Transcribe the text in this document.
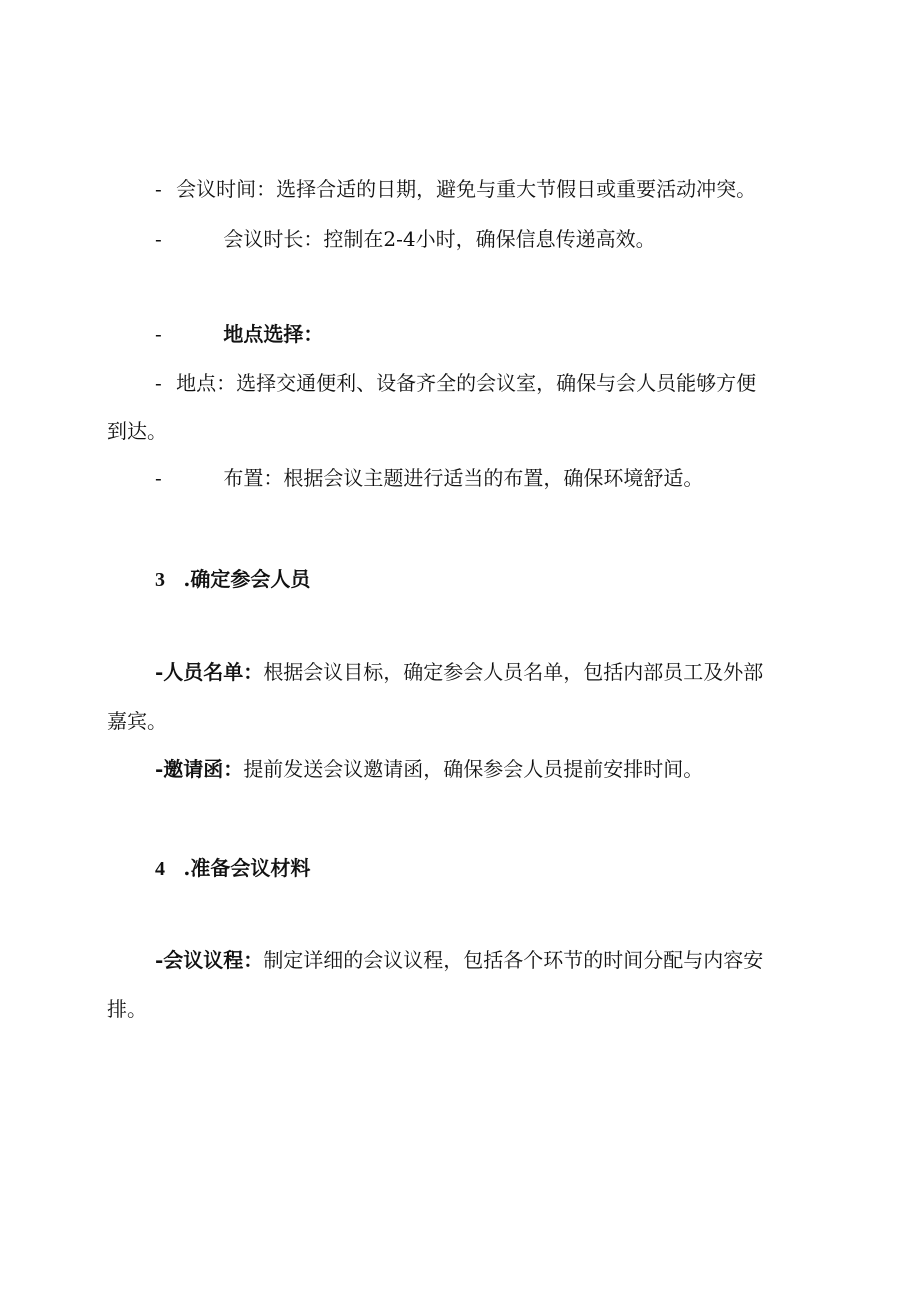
- 会议时间：选择合适的日期，避免与重大节假日或重要活动冲突。
-	会议时长：控制在2-4小时，确保信息传递高效。
-	地点选择：
- 地点：选择交通便利、设备齐全的会议室，确保与会人员能够方便
到达。
-	布置：根据会议主题进行适当的布置，确保环境舒适。
3 .确定参会人员
-人员名单：根据会议目标，确定参会人员名单，包括内部员工及外部
嘉宾。
-邀请函：提前发送会议邀请函，确保参会人员提前安排时间。
4 .准备会议材料
-会议议程：制定详细的会议议程，包括各个环节的时间分配与内容安
排。
